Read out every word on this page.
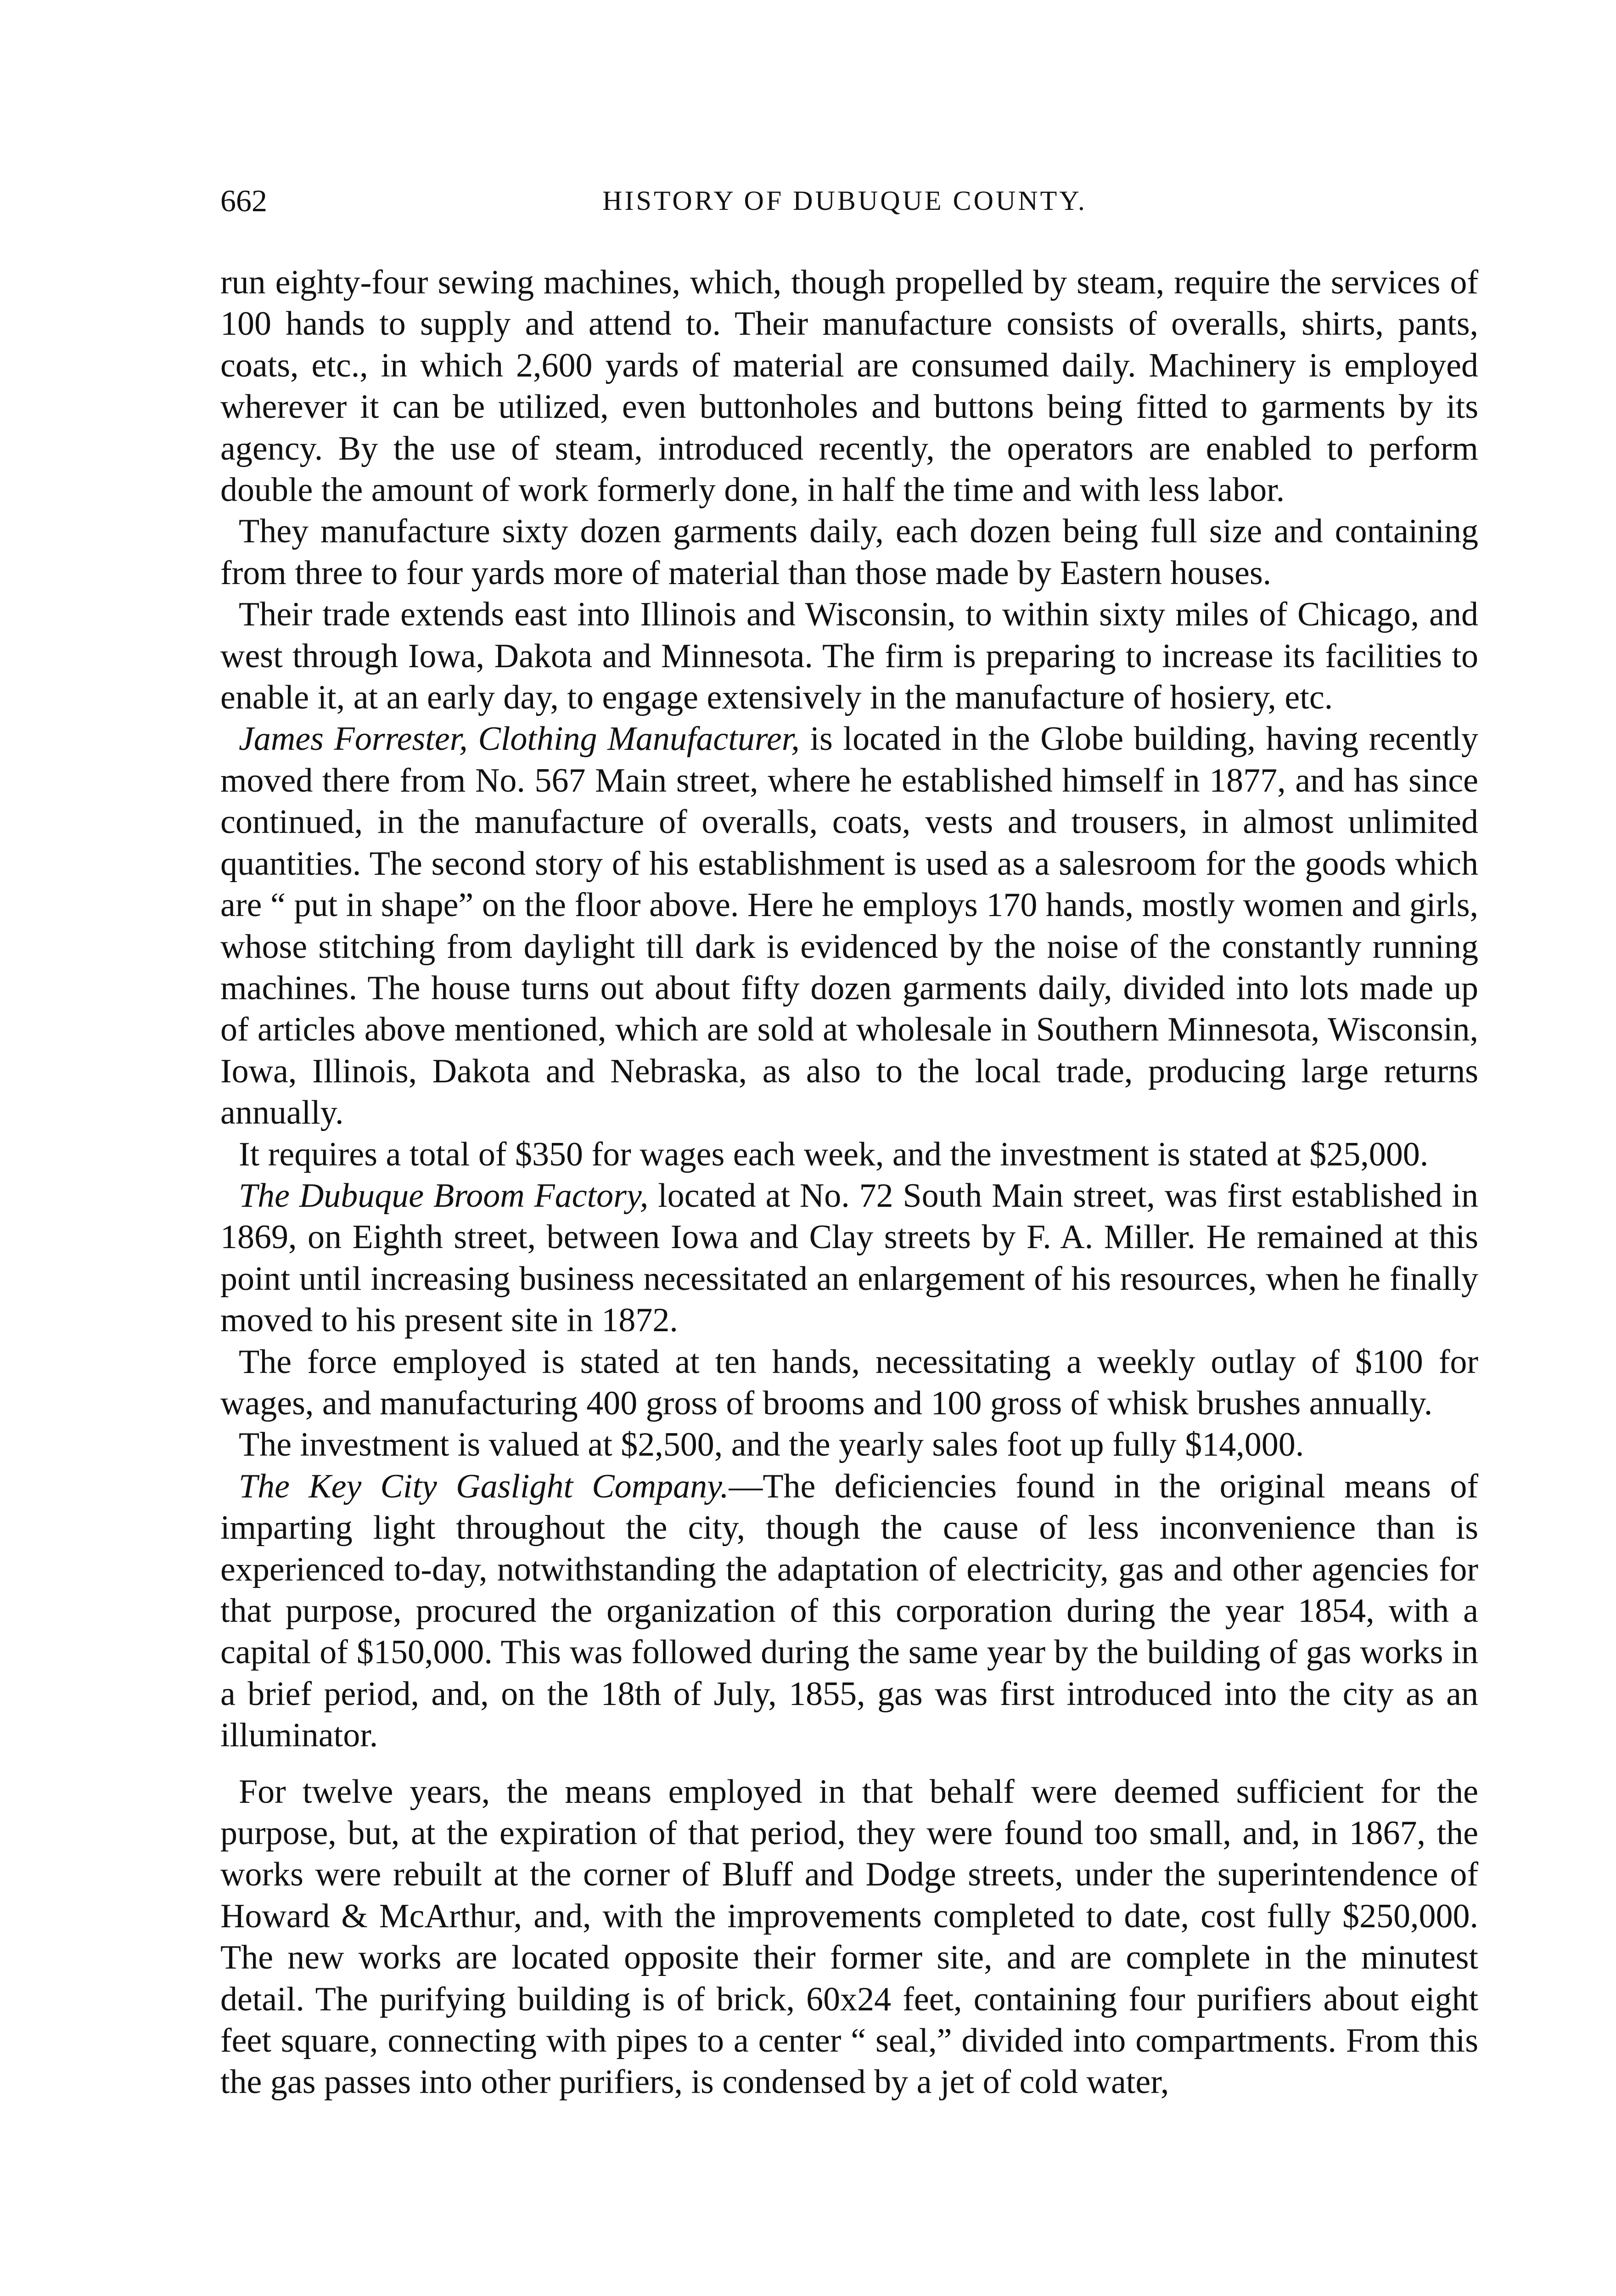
662	HISTORY OF DUBUQUE COUNTY.

run eighty-four sewing machines, which, though propelled by steam, require the services of 100 hands to supply and attend to. Their manufacture consists of overalls, shirts, pants, coats, etc., in which 2,600 yards of material are consumed daily. Machinery is employed wherever it can be utilized, even buttonholes and buttons being fitted to garments by its agency. By the use of steam, introduced recently, the operators are enabled to perform double the amount of work formerly done, in half the time and with less labor.

They manufacture sixty dozen garments daily, each dozen being full size and containing from three to four yards more of material than those made by Eastern houses.

Their trade extends east into Illinois and Wisconsin, to within sixty miles of Chicago, and west through Iowa, Dakota and Minnesota. The firm is preparing to increase its facilities to enable it, at an early day, to engage extensively in the manufacture of hosiery, etc.

James Forrester, Clothing Manufacturer, is located in the Globe building, having recently moved there from No. 567 Main street, where he established himself in 1877, and has since continued, in the manufacture of overalls, coats, vests and trousers, in almost unlimited quantities. The second story of his establishment is used as a salesroom for the goods which are “ put in shape” on the floor above. Here he employs 170 hands, mostly women and girls, whose stitching from daylight till dark is evidenced by the noise of the constantly running machines. The house turns out about fifty dozen garments daily, divided into lots made up of articles above mentioned, which are sold at wholesale in Southern Minnesota, Wisconsin, Iowa, Illinois, Dakota and Nebraska, as also to the local trade, producing large returns annually.

It requires a total of $350 for wages each week, and the investment is stated at $25,000.

The Dubuque Broom Factory, located at No. 72 South Main street, was first established in 1869, on Eighth street, between Iowa and Clay streets by F. A. Miller. He remained at this point until increasing business necessitated an enlargement of his resources, when he finally moved to his present site in 1872.

The force employed is stated at ten hands, necessitating a weekly outlay of $100 for wages, and manufacturing 400 gross of brooms and 100 gross of whisk brushes annually.

The investment is valued at $2,500, and the yearly sales foot up fully $14,000.

The Key City Gaslight Company.—The deficiencies found in the original means of imparting light throughout the city, though the cause of less inconvenience than is experienced to-day, notwithstanding the adaptation of electricity, gas and other agencies for that purpose, procured the organization of this corporation during the year 1854, with a capital of $150,000. This was followed during the same year by the building of gas works in a brief period, and, on the 18th of July, 1855, gas was first introduced into the city as an illuminator.

For twelve years, the means employed in that behalf were deemed sufficient for the purpose, but, at the expiration of that period, they were found too small, and, in 1867, the works were rebuilt at the corner of Bluff and Dodge streets, under the superintendence of Howard & McArthur, and, with the improvements completed to date, cost fully $250,000. The new works are located opposite their former site, and are complete in the minutest detail. The purifying building is of brick, 60x24 feet, containing four purifiers about eight feet square, connecting with pipes to a center “ seal,” divided into compartments. From this the gas passes into other purifiers, is condensed by a jet of cold water,
